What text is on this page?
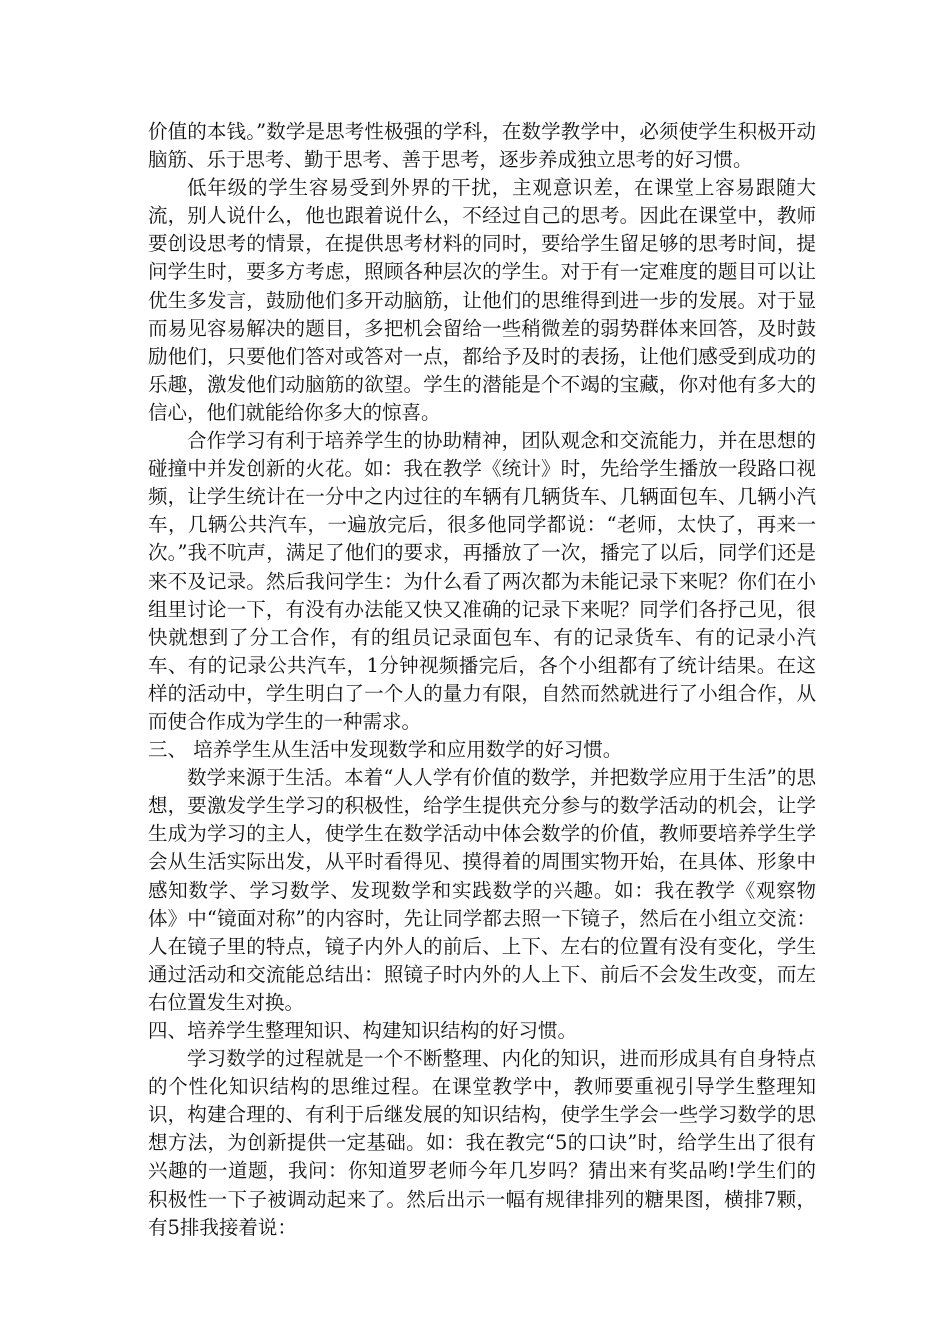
价值的本钱。”数学是思考性极强的学科，在数学教学中，必须使学生积极开动脑筋、乐于思考、勤于思考、善于思考，逐步养成独立思考的好习惯。

低年级的学生容易受到外界的干扰，主观意识差，在课堂上容易跟随大流，别人说什么，他也跟着说什么，不经过自己的思考。因此在课堂中，教师要创设思考的情景，在提供思考材料的同时，要给学生留足够的思考时间，提问学生时，要多方考虑，照顾各种层次的学生。对于有一定难度的题目可以让优生多发言，鼓励他们多开动脑筋，让他们的思维得到进一步的发展。对于显而易见容易解决的题目，多把机会留给一些稍微差的弱势群体来回答，及时鼓励他们，只要他们答对或答对一点，都给予及时的表扬，让他们感受到成功的乐趣，激发他们动脑筋的欲望。学生的潜能是个不竭的宝藏，你对他有多大的信心，他们就能给你多大的惊喜。

合作学习有利于培养学生的协助精神，团队观念和交流能力，并在思想的碰撞中并发创新的火花。如：我在教学《统计》时，先给学生播放一段路口视频，让学生统计在一分中之内过往的车辆有几辆货车、几辆面包车、几辆小汽车，几辆公共汽车，一遍放完后，很多他同学都说：“老师，太快了，再来一次。”我不吭声，满足了他们的要求，再播放了一次，播完了以后，同学们还是来不及记录。然后我问学生：为什么看了两次都为未能记录下来呢？你们在小组里讨论一下，有没有办法能又快又准确的记录下来呢？同学们各抒己见，很快就想到了分工合作，有的组员记录面包车、有的记录货车、有的记录小汽车、有的记录公共汽车，1分钟视频播完后，各个小组都有了统计结果。在这样的活动中，学生明白了一个人的量力有限，自然而然就进行了小组合作，从而使合作成为学生的一种需求。

三、 培养学生从生活中发现数学和应用数学的好习惯。

数学来源于生活。本着“人人学有价值的数学，并把数学应用于生活”的思想，要激发学生学习的积极性，给学生提供充分参与的数学活动的机会，让学生成为学习的主人，使学生在数学活动中体会数学的价值，教师要培养学生学会从生活实际出发，从平时看得见、摸得着的周围实物开始，在具体、形象中感知数学、学习数学、发现数学和实践数学的兴趣。如：我在教学《观察物体》中“镜面对称”的内容时，先让同学都去照一下镜子，然后在小组立交流：人在镜子里的特点，镜子内外人的前后、上下、左右的位置有没有变化，学生通过活动和交流能总结出：照镜子时内外的人上下、前后不会发生改变，而左右位置发生对换。

四、培养学生整理知识、构建知识结构的好习惯。

学习数学的过程就是一个不断整理、内化的知识，进而形成具有自身特点的个性化知识结构的思维过程。在课堂教学中，教师要重视引导学生整理知识，构建合理的、有利于后继发展的知识结构，使学生学会一些学习数学的思想方法，为创新提供一定基础。如：我在教完“5的口诀”时，给学生出了很有兴趣的一道题，我问：你知道罗老师今年几岁吗？猜出来有奖品哟!学生们的积极性一下子被调动起来了。然后出示一幅有规律排列的糖果图，横排7颗，有5排我接着说：
